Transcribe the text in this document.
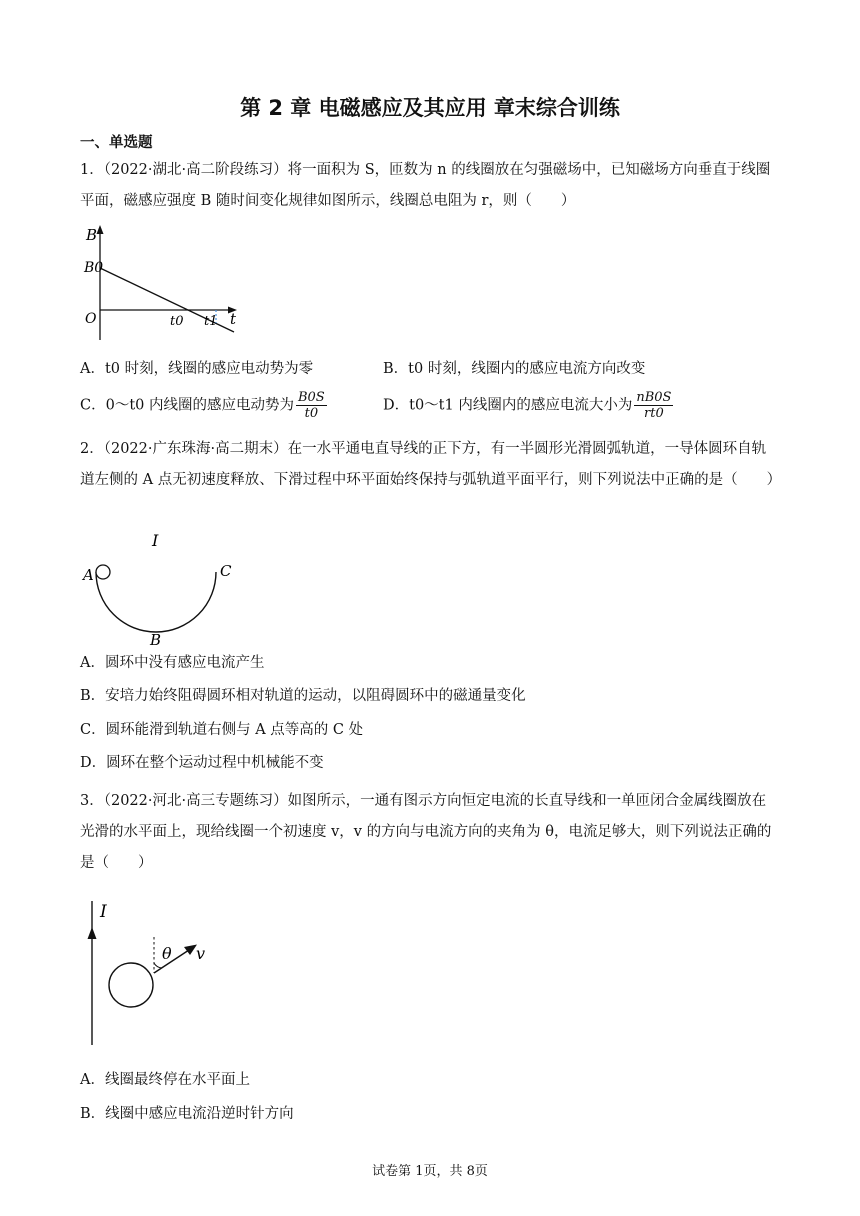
第 2 章 电磁感应及其应用 章末综合训练
一、单选题
1．（2022·湖北·高二阶段练习）将一面积为 S，匝数为 n 的线圈放在匀强磁场中，已知磁场方向垂直于线圈平面，磁感应强度 B 随时间变化规律如图所示，线圈总电阻为 r，则（　　）
B
B0
O	t0 t1 t
A．t0 时刻，线圈的感应电动势为零	B．t0 时刻，线圈内的感应电流方向改变
C．0～t0 内线圈的感应电动势为 $\frac{B0S}{t0}$	D．t0～t1 内线圈内的感应电流大小为 $\frac{nB0S}{rt0}$
2．（2022·广东珠海·高二期末）在一水平通电直导线的正下方，有一半圆形光滑圆弧轨道，一导体圆环自轨道左侧的 A 点无初速度释放、下滑过程中环平面始终保持与弧轨道平面平行，则下列说法中正确的是（　　）
I
A	C
B
A．圆环中没有感应电流产生
B．安培力始终阻碍圆环相对轨道的运动，以阻碍圆环中的磁通量变化
C．圆环能滑到轨道右侧与 A 点等高的 C 处
D．圆环在整个运动过程中机械能不变
3．（2022·河北·高三专题练习）如图所示，一通有图示方向恒定电流的长直导线和一单匝闭合金属线圈放在光滑的水平面上，现给线圈一个初速度 v，v 的方向与电流方向的夹角为 θ，电流足够大，则下列说法正确的是（　　）
I
θ v
A．线圈最终停在水平面上
B．线圈中感应电流沿逆时针方向
试卷第 1页，共 8页
